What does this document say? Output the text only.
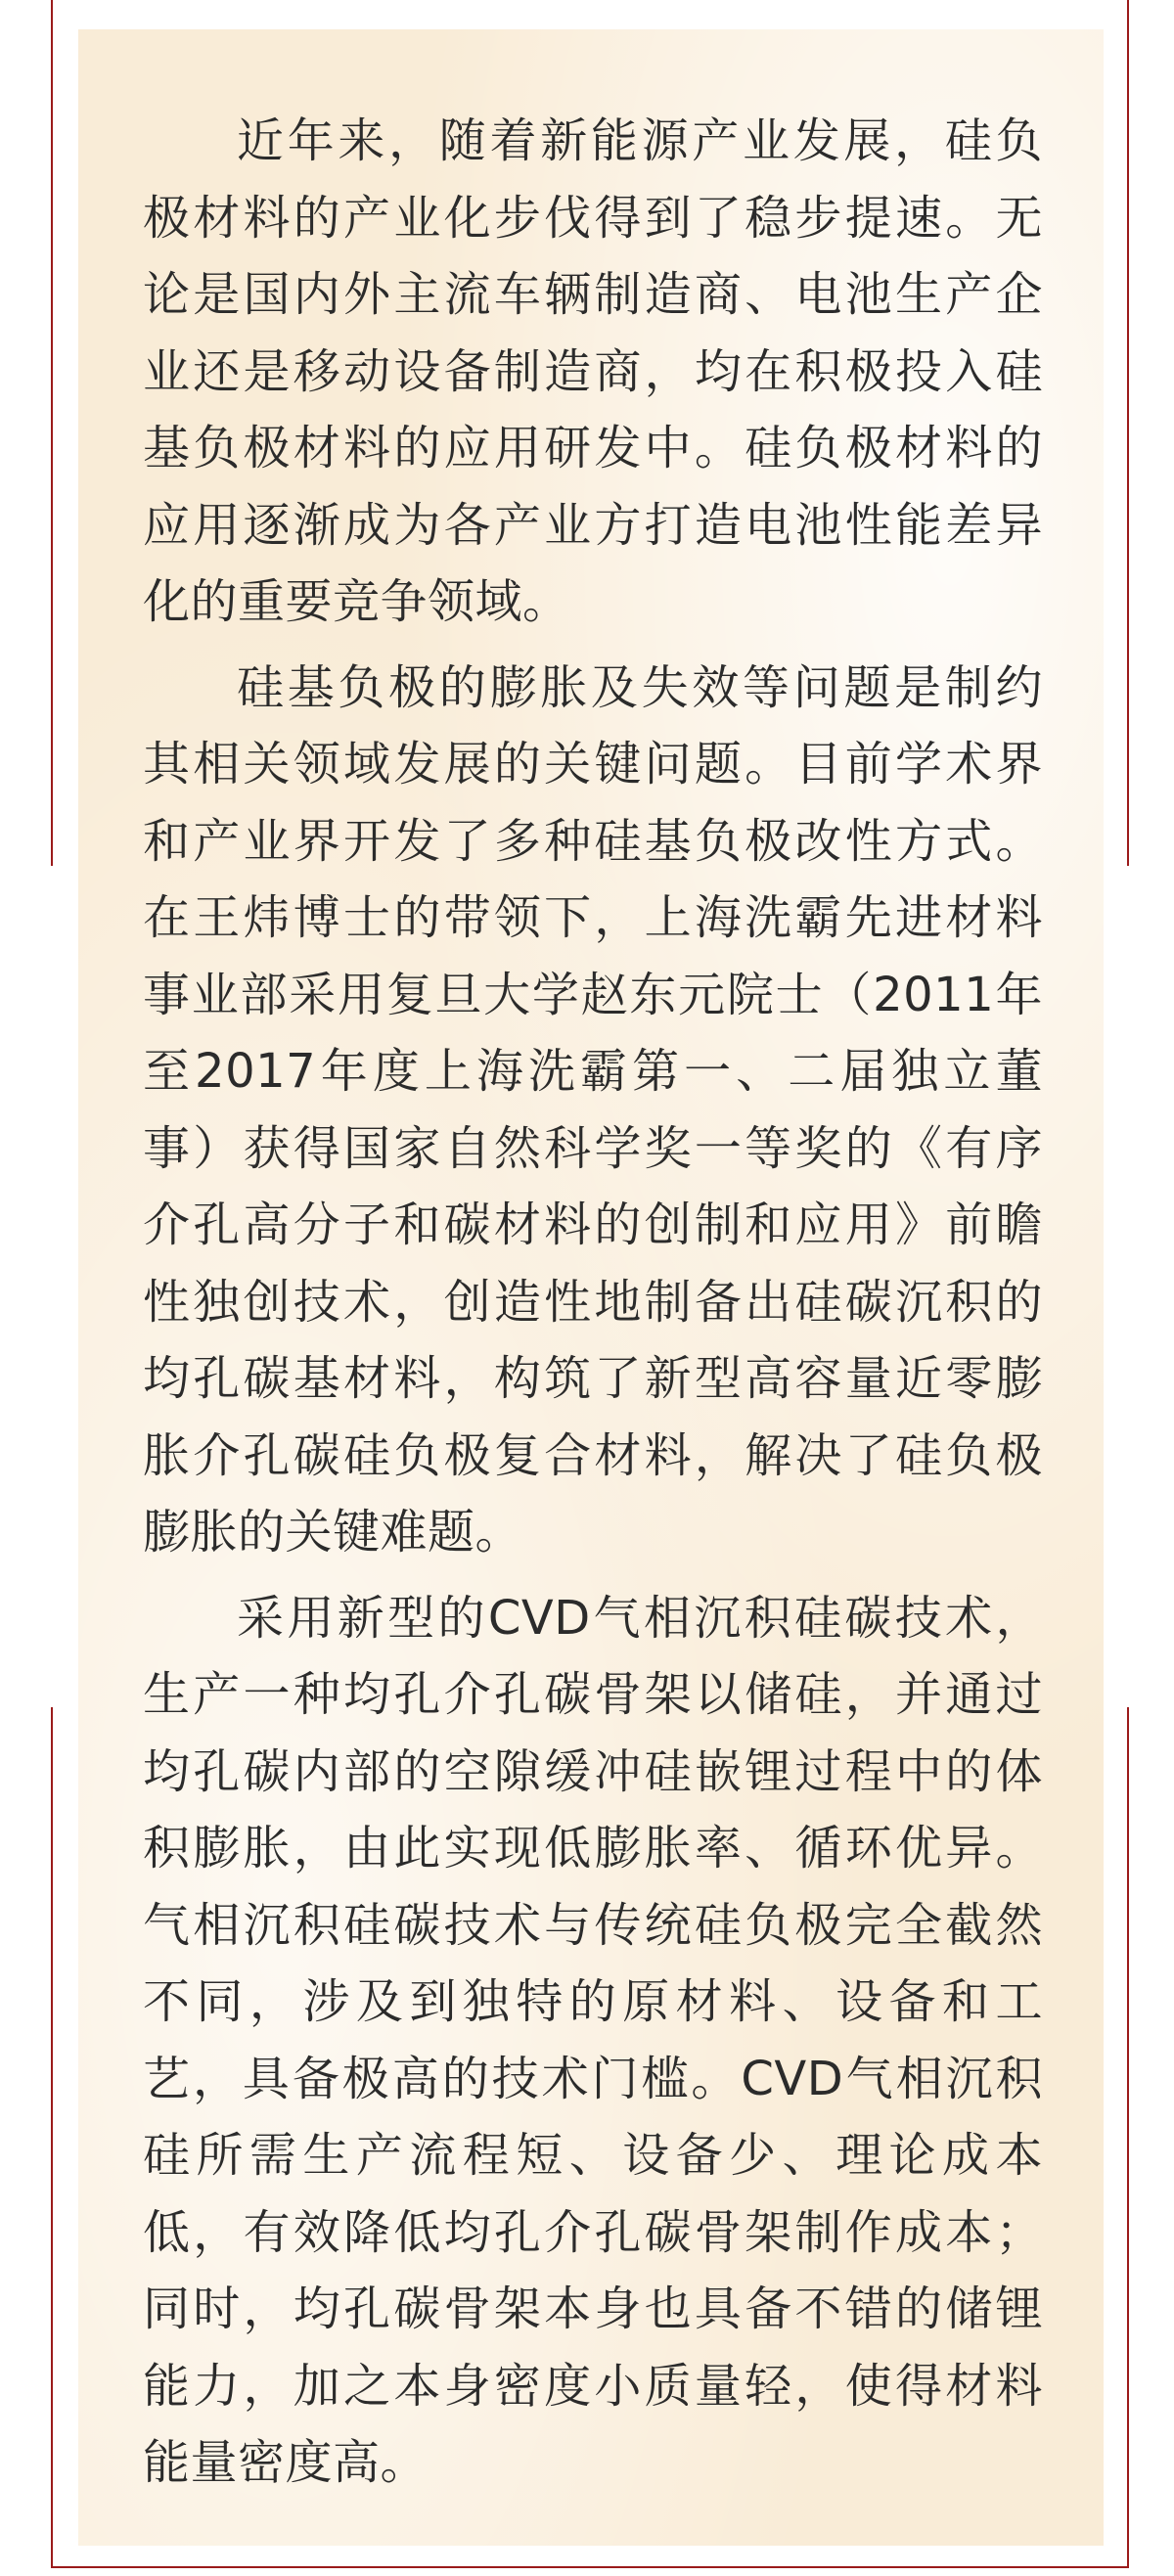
近年来，随着新能源产业发展，硅负极材料的产业化步伐得到了稳步提速。无论是国内外主流车辆制造商、电池生产企业还是移动设备制造商，均在积极投入硅基负极材料的应用研发中。硅负极材料的应用逐渐成为各产业方打造电池性能差异化的重要竞争领域。

硅基负极的膨胀及失效等问题是制约其相关领域发展的关键问题。目前学术界和产业界开发了多种硅基负极改性方式。在王炜博士的带领下，上海洗霸先进材料事业部采用复旦大学赵东元院士（2011年至2017年度上海洗霸第一、二届独立董事）获得国家自然科学奖一等奖的《有序介孔高分子和碳材料的创制和应用》前瞻性独创技术，创造性地制备出硅碳沉积的均孔碳基材料，构筑了新型高容量近零膨胀介孔碳硅负极复合材料，解决了硅负极膨胀的关键难题。

采用新型的CVD气相沉积硅碳技术，生产一种均孔介孔碳骨架以储硅，并通过均孔碳内部的空隙缓冲硅嵌锂过程中的体积膨胀，由此实现低膨胀率、循环优异。气相沉积硅碳技术与传统硅负极完全截然不同，涉及到独特的原材料、设备和工艺，具备极高的技术门槛。CVD气相沉积硅所需生产流程短、设备少、理论成本低，有效降低均孔介孔碳骨架制作成本；同时，均孔碳骨架本身也具备不错的储锂能力，加之本身密度小质量轻，使得材料能量密度高。
